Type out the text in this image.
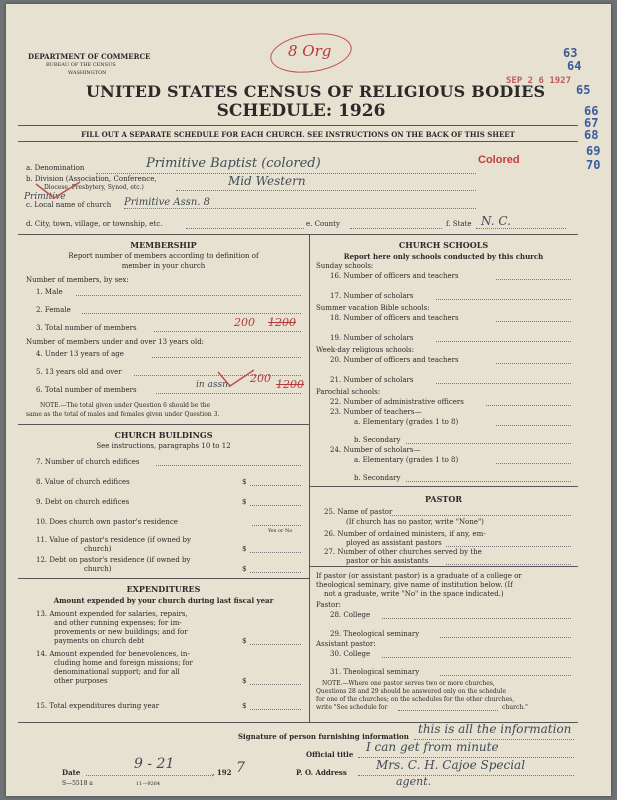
DEPARTMENT OF COMMERCE
BUREAU OF THE CENSUS
WASHINGTON
UNITED STATES CENSUS OF RELIGIOUS BODIES
SCHEDULE: 1926
FILL OUT A SEPARATE SCHEDULE FOR EACH CHURCH. SEE INSTRUCTIONS ON THE BACK OF THIS SHEET
8 Org
SEP 2 6 1927
63
64
65
66
67
68
69
70
a. Denomination	Primitive Baptist (colored)	Colored
b. Division (Association, Conference,
Diocese, Presbytery, Synod, etc.)	Mid Western
Primitive
c. Local name of church Primitive Assn. 8
d. City, town, village, or township, etc.	e. County	f. State N. C.
MEMBERSHIP
Report number of members according to definition of
member in your church
Number of members, by sex:
1. Male
2. Female
3. Total number of members	200 1200
Number of members under and over 13 years old:
4. Under 13 years of age
5. 13 years old and over
6. Total number of members	in assn. 200 1200
NOTE.—The total given under Question 6 should be the
same as the total of males and females given under Question 3.
CHURCH BUILDINGS
See instructions, paragraphs 10 to 12
7. Number of church edifices
8. Value of church edifices	$
9. Debt on church edifices	$
10. Does church own pastor's residence
Yes or No
11. Value of pastor's residence (if owned by
church)	$
12. Debt on pastor's residence (if owned by
church)	$
EXPENDITURES
Amount expended by your church during last fiscal year
13. Amount expended for salaries, repairs,
and other running expenses; for im-
provements or new buildings; and for
payments on church debt	$
14. Amount expended for benevolences, in-
cluding home and foreign missions; for
denominational support; and for all
other purposes	$
15. Total expenditures during year	$
CHURCH SCHOOLS
Report here only schools conducted by this church
Sunday schools:
16. Number of officers and teachers
17. Number of scholars
Summer vacation Bible schools:
18. Number of officers and teachers
19. Number of scholars
Week-day religious schools:
20. Number of officers and teachers
21. Number of scholars
Parochial schools:
22. Number of administrative officers
23. Number of teachers—
a. Elementary (grades 1 to 8)
b. Secondary
24. Number of scholars—
a. Elementary (grades 1 to 8)
b. Secondary
PASTOR
25. Name of pastor
(If church has no pastor, write "None")
26. Number of ordained ministers, if any, em-
ployed as assistant pastors
27. Number of other churches served by the
pastor or his assistants
If pastor (or assistant pastor) is a graduate of a college or
theological seminary, give name of institution below. (If
not a graduate, write "No" in the space indicated.)
Pastor:
28. College
29. Theological seminary
Assistant pastor:
30. College
31. Theological seminary
NOTE.—Where one pastor serves two or more churches,
Questions 28 and 29 should be answered only on the schedule
for one of the churches; on the schedules for the other churches,
write "See schedule for	church."
Signature of person furnishing information
this is all the information
Official title
I can get from minute
Date
9 - 21
, 192 7	P. O. Address
Mrs. C. H. Cajoe Special
agent.
S—5518 a	11—9264
